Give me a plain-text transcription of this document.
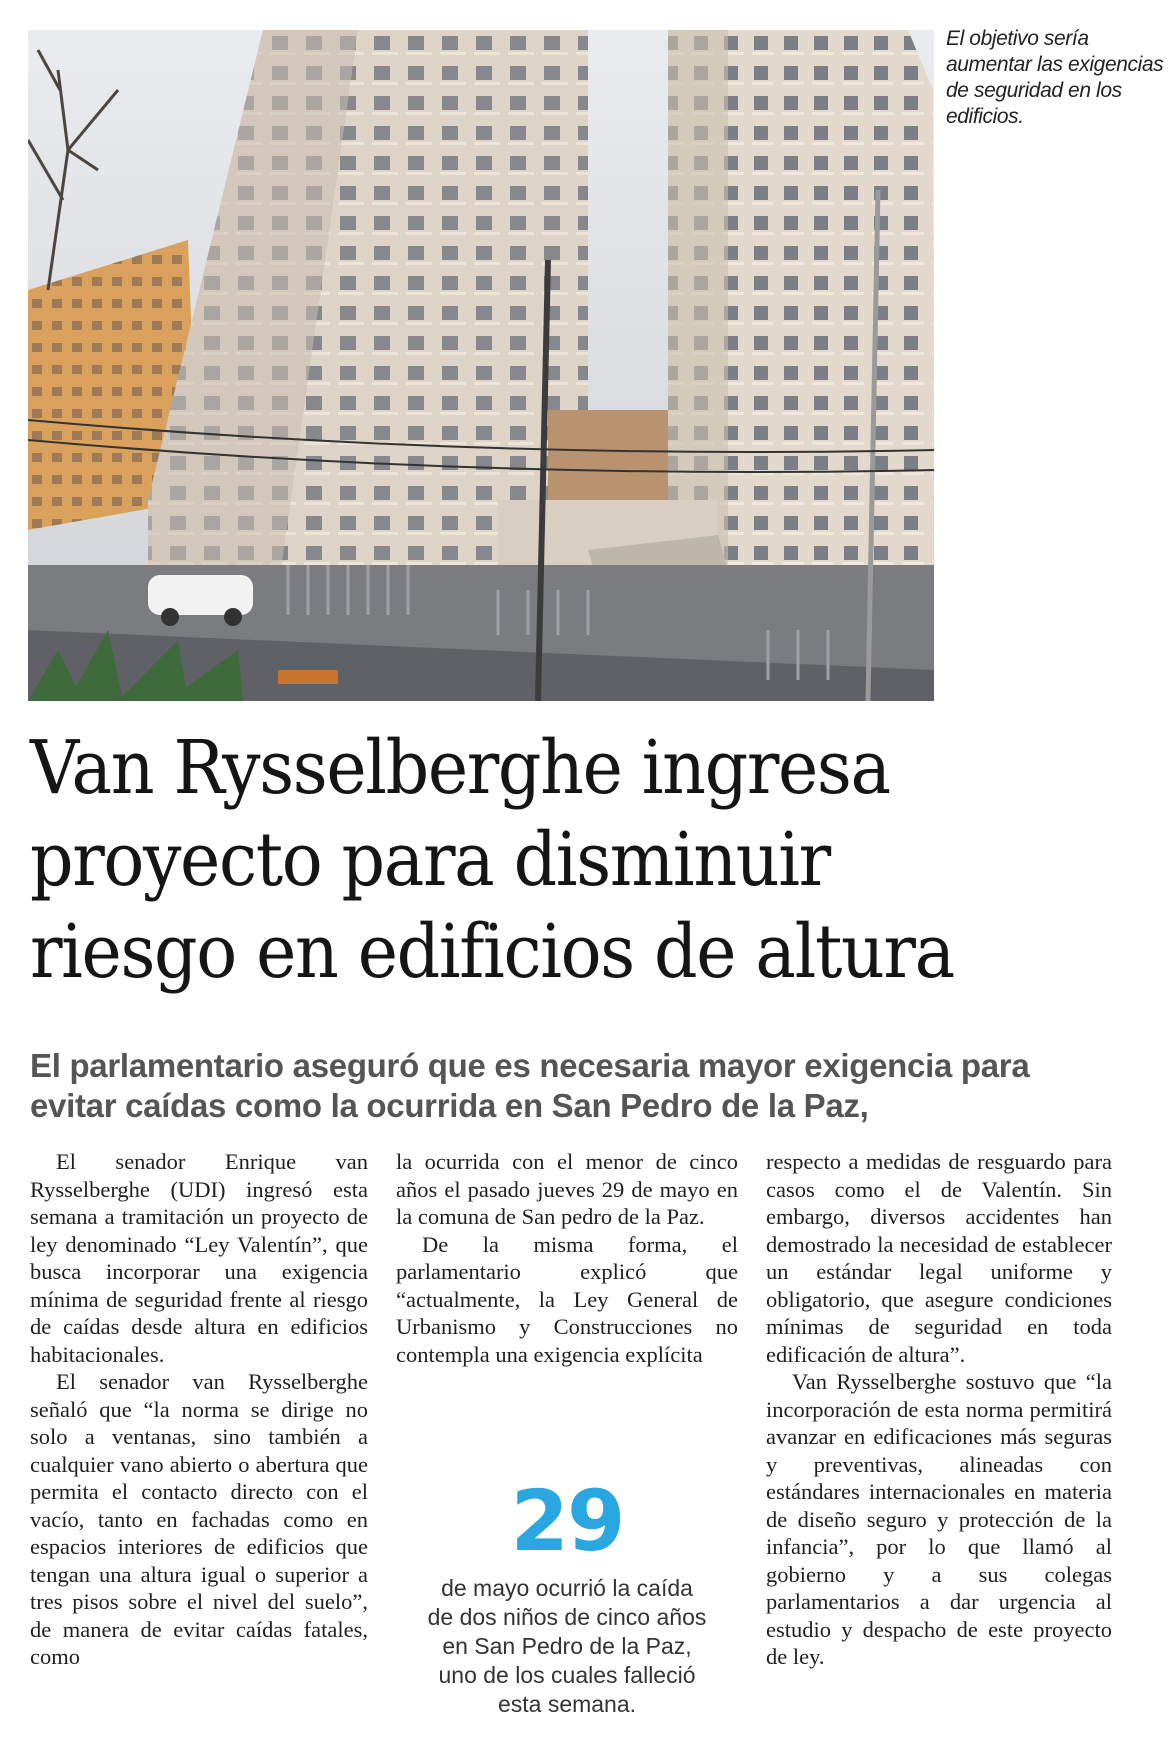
El objetivo sería aumentar las exigencias de seguridad en los edificios.
Van Rysselberghe ingresa
proyecto para disminuir
riesgo en edificios de altura
El parlamentario aseguró que es necesaria mayor exigencia para
evitar caídas como la ocurrida en San Pedro de la Paz,

El senador Enrique van Rysselberghe (UDI) ingresó esta semana a tramitación un proyecto de ley denominado “Ley Valentín”, que busca incorporar una exigencia mínima de seguridad frente al riesgo de caídas desde altura en edificios habitacionales.

El senador van Rysselberghe señaló que “la norma se dirige no solo a ventanas, sino también a cualquier vano abierto o abertura que permita el contacto directo con el vacío, tanto en fachadas como en espacios interiores de edificios que tengan una altura igual o superior a tres pisos sobre el nivel del suelo”, de manera de evitar caídas fatales, como

la ocurrida con el menor de cinco años el pasado jueves 29 de mayo en la comuna de San pedro de la Paz.

De la misma forma, el parlamentario explicó que “actualmente, la Ley General de Urbanismo y Construcciones no contempla una exigencia explícita

29
de mayo ocurrió la caída
de dos niños de cinco años
en San Pedro de la Paz,
uno de los cuales falleció
esta semana.

respecto a medidas de resguardo para casos como el de Valentín. Sin embargo, diversos accidentes han demostrado la necesidad de establecer un estándar legal uniforme y obligatorio, que asegure condiciones mínimas de seguridad en toda edificación de altura”.

Van Rysselberghe sostuvo que “la incorporación de esta norma permitirá avanzar en edificaciones más seguras y preventivas, alineadas con estándares internacionales en materia de diseño seguro y protección de la infancia”, por lo que llamó al gobierno y a sus colegas parlamentarios a dar urgencia al estudio y despacho de este proyecto de ley.
